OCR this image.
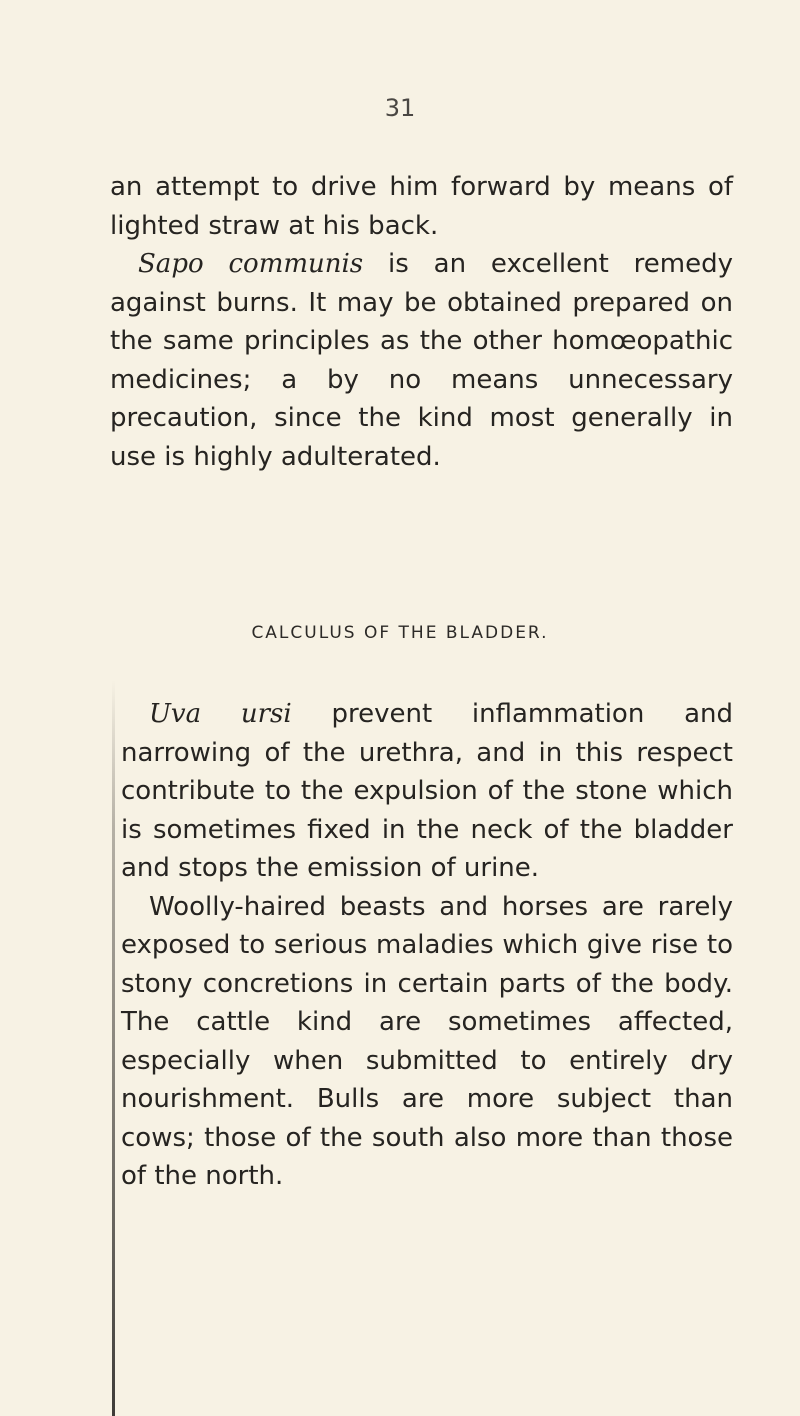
31

an attempt to drive him forward by means of lighted straw at his back.

Sapo communis is an excellent remedy against burns. It may be obtained prepared on the same principles as the other homœopathic medicines; a by no means unnecessary precaution, since the kind most generally in use is highly adulterated.

CALCULUS OF THE BLADDER.

Uva ursi prevent inflammation and narrowing of the urethra, and in this respect contribute to the expulsion of the stone which is sometimes fixed in the neck of the bladder and stops the emission of urine.

Woolly-haired beasts and horses are rarely exposed to serious maladies which give rise to stony concretions in certain parts of the body. The cattle kind are sometimes affected, especially when submitted to entirely dry nourishment. Bulls are more subject than cows; those of the south also more than those of the north.
